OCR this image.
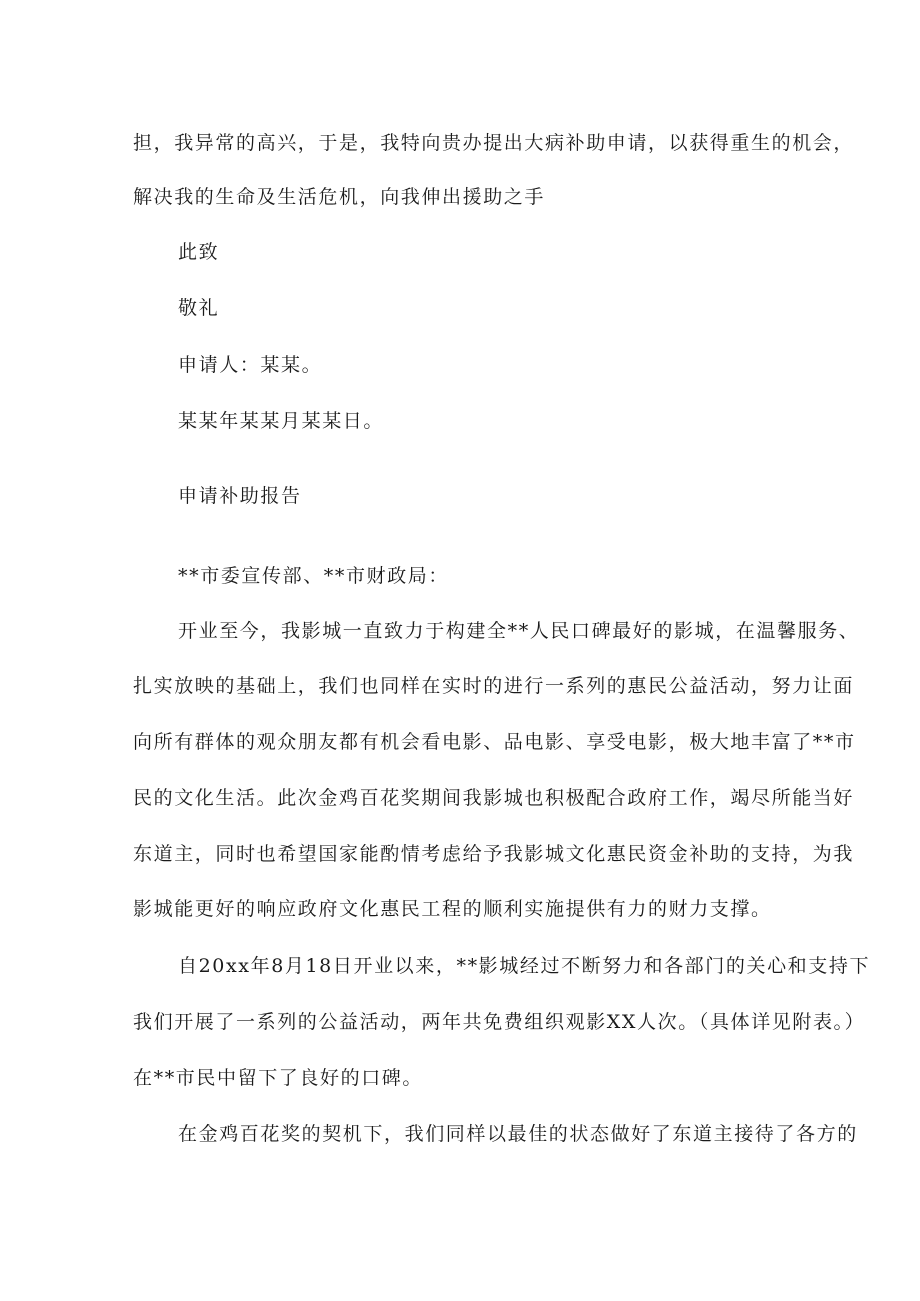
担，我异常的高兴，于是，我特向贵办提出大病补助申请，以获得重生的机会，
解决我的生命及生活危机，向我伸出援助之手
此致
敬礼
申请人：某某。
某某年某某月某某日。
申请补助报告
**市委宣传部、**市财政局：
开业至今，我影城一直致力于构建全**人民口碑最好的影城，在温馨服务、
扎实放映的基础上，我们也同样在实时的进行一系列的惠民公益活动，努力让面
向所有群体的观众朋友都有机会看电影、品电影、享受电影，极大地丰富了**市
民的文化生活。此次金鸡百花奖期间我影城也积极配合政府工作，竭尽所能当好
东道主，同时也希望国家能酌情考虑给予我影城文化惠民资金补助的支持，为我
影城能更好的响应政府文化惠民工程的顺利实施提供有力的财力支撑。
自20xx年8月18日开业以来，**影城经过不断努力和各部门的关心和支持下
我们开展了一系列的公益活动，两年共免费组织观影XX人次。（具体详见附表。）
在**市民中留下了良好的口碑。
在金鸡百花奖的契机下，我们同样以最佳的状态做好了东道主接待了各方的
